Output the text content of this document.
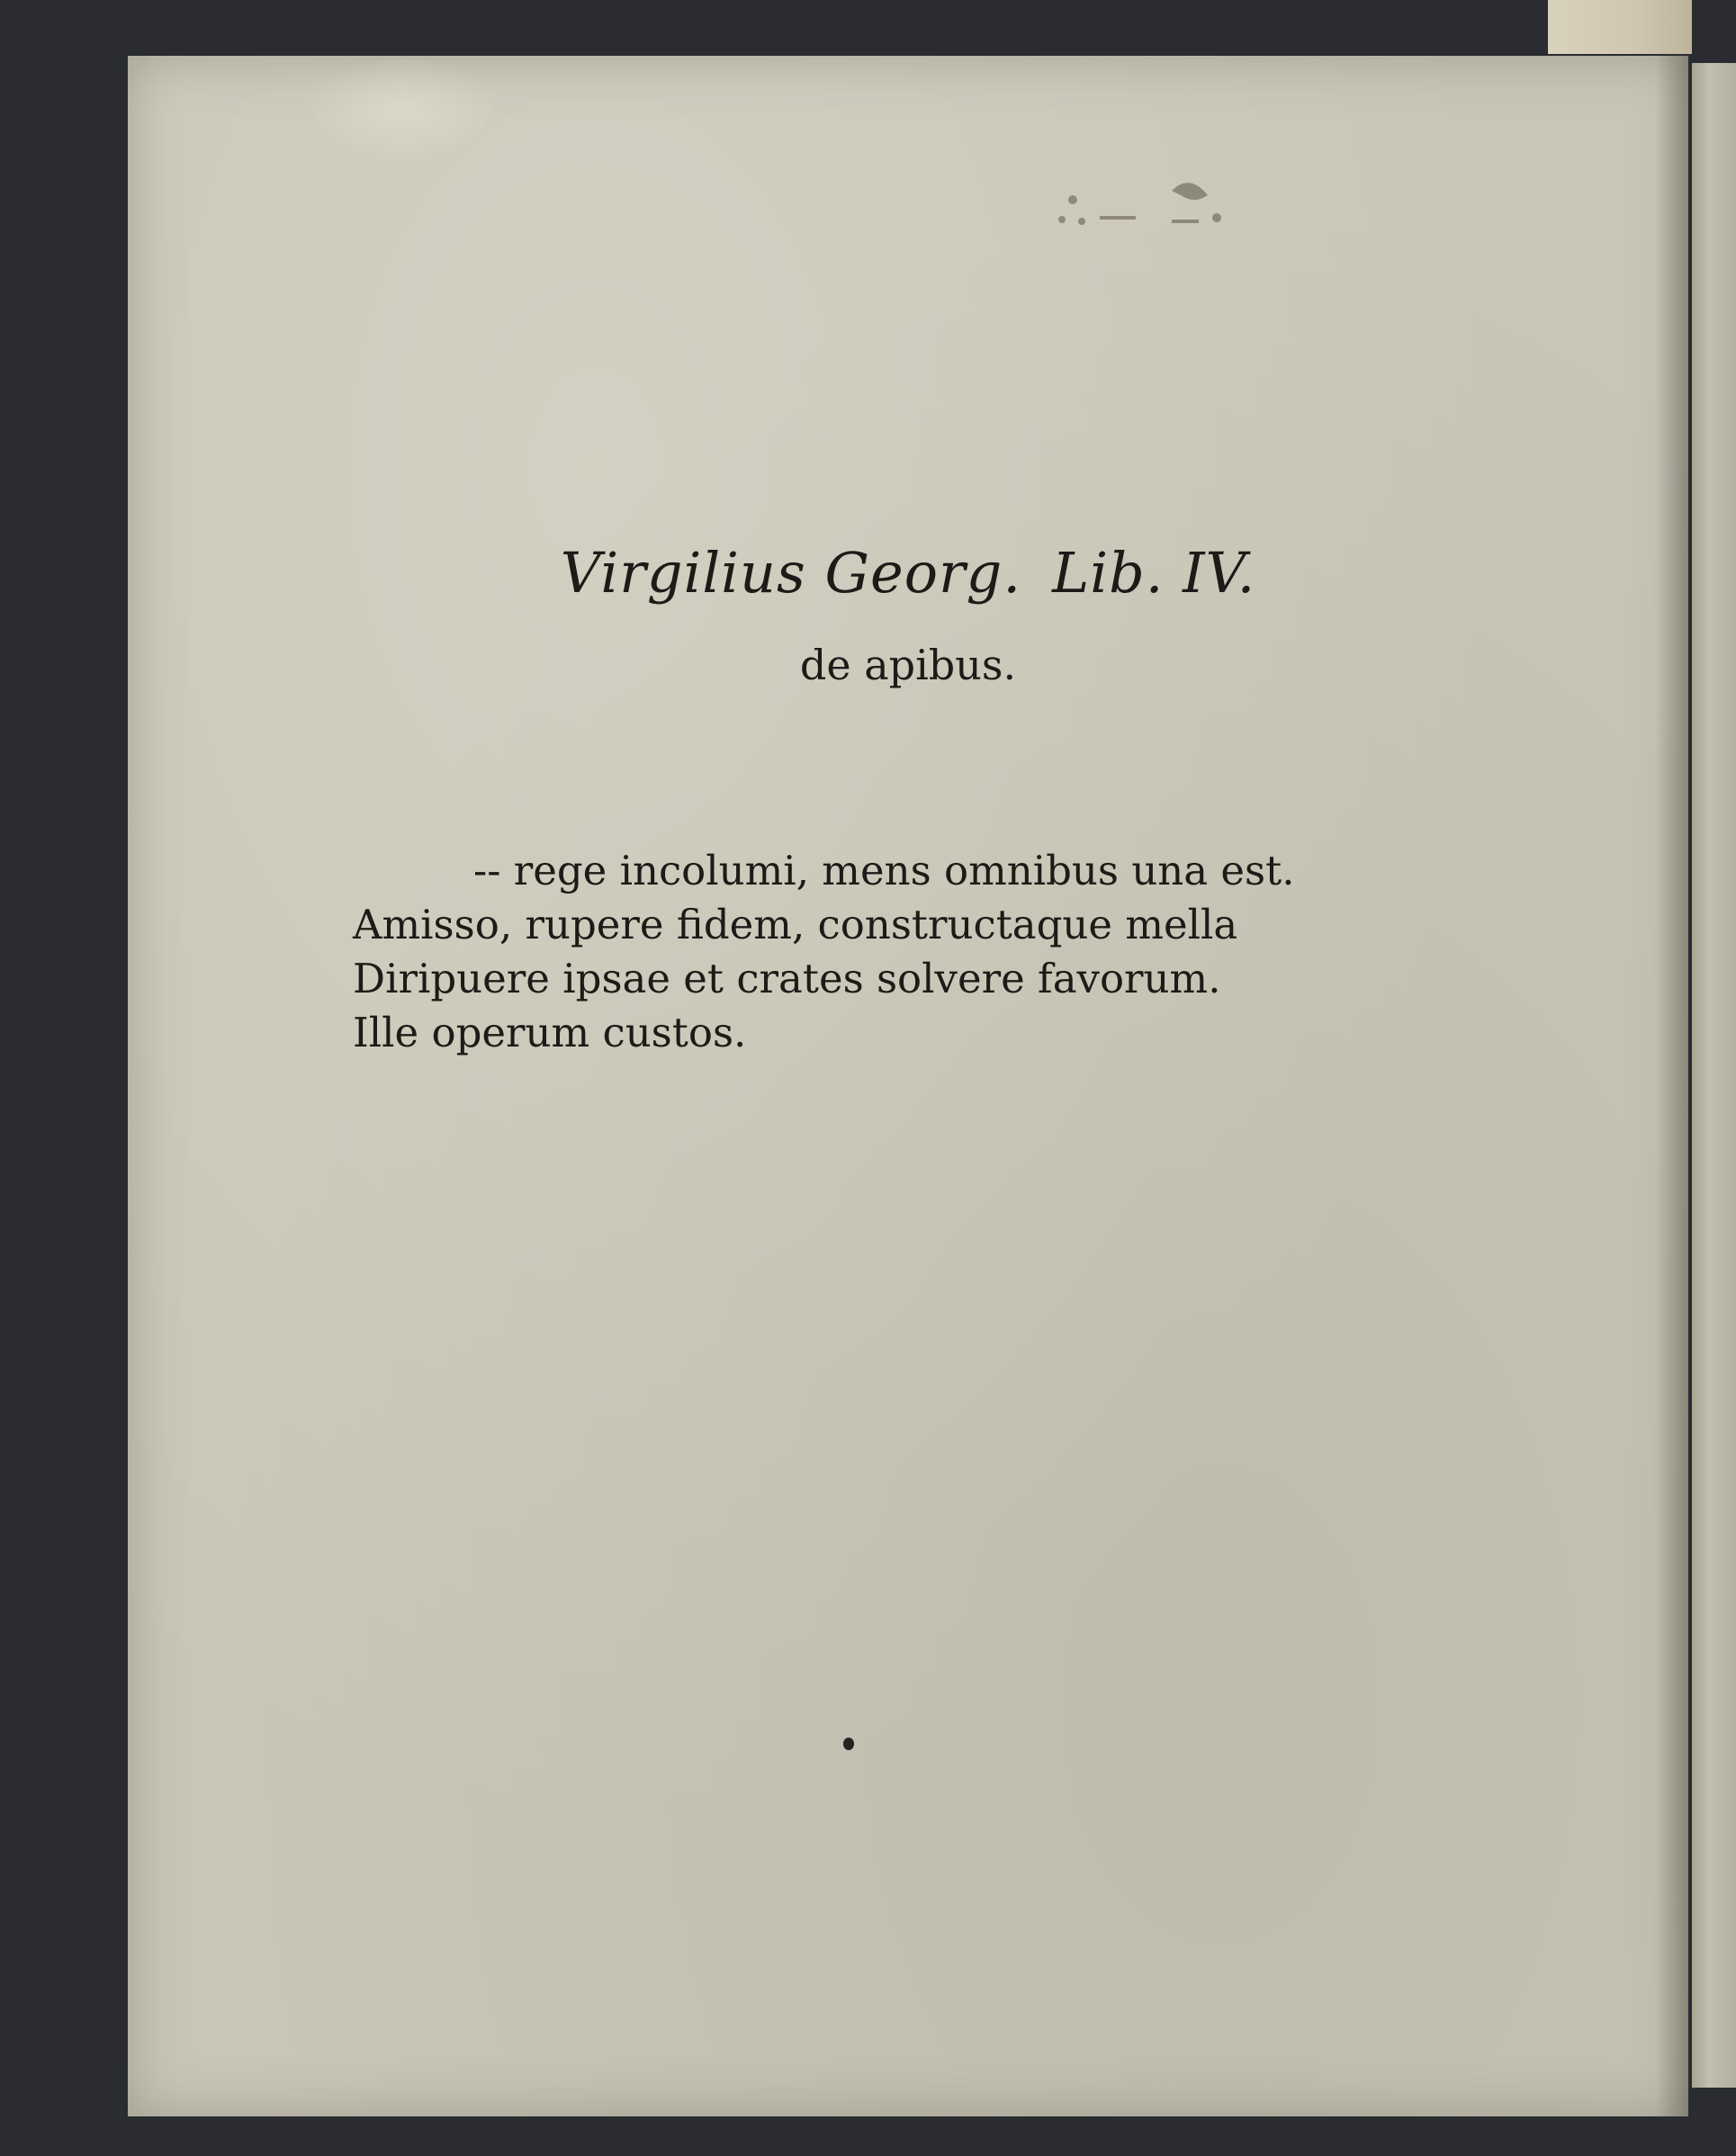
Virgilius Georg. Lib. IV.
de apibus.
-- rege incolumi, mens omnibus una est.
Amisso, rupere fidem, constructaque mella
Diripuere ipsae et crates solvere favorum.
Ille operum custos.
